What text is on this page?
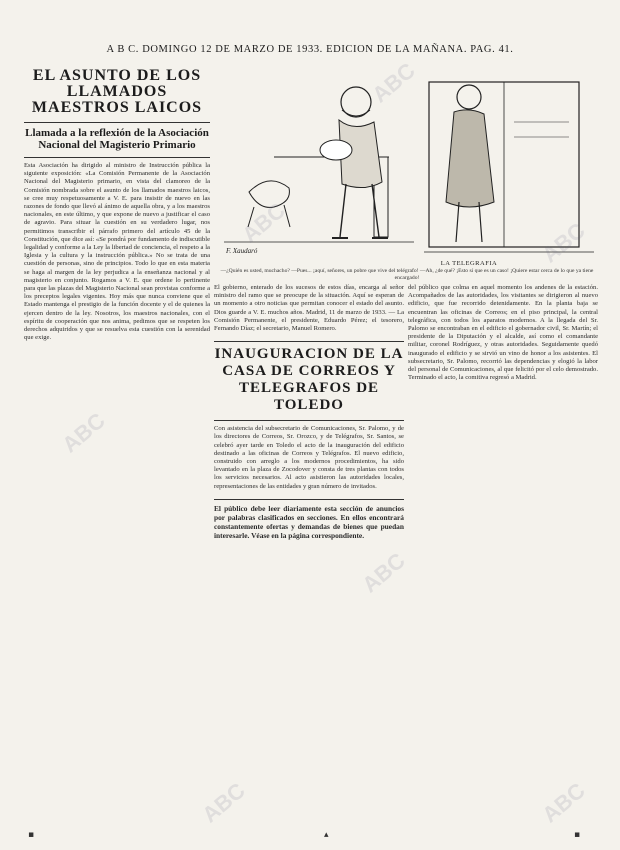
A B C. DOMINGO 12 DE MARZO DE 1933. EDICION DE LA MAÑANA. PAG. 41.
EL ASUNTO DE LOS LLAMADOS MAESTROS LAICOS
Llamada a la reflexión de la Asociación Nacional del Magisterio Primario

Esta Asociación ha dirigido al ministro de Instrucción pública la siguiente exposición: «La Comisión Permanente de la Asociación Nacional del Magisterio primario, en vista del clamoreo de la Comisión nombrada sobre el asunto de los llamados maestros laicos, se cree muy respetuosamente a V. E. para insistir de nuevo en las razones de fondo que llevó al ánimo de aquella obra, y a los maestros nacionales, en este último, y que expone de nuevo a justificar el caso de agravio. Para situar la cuestión en su verdadero lugar, nos permitimos transcribir el párrafo primero del artículo 45 de la Constitución, que dice así: «Se pondrá por fundamento de indiscutible legalidad y conforme a la Ley la libertad de conciencia, el respeto a la Iglesia y la cultura y la instrucción pública.» No se trata de una cuestión de personas, sino de principios. Todo lo que en esta materia se haga al margen de la ley perjudica a la enseñanza nacional y al magisterio en conjunto. Rogamos a V. E. que ordene lo pertinente para que las plazas del Magisterio Nacional sean provistas conforme a los preceptos legales vigentes. Hoy más que nunca conviene que el Estado mantenga el prestigio de la función docente y el de quienes la ejercen dentro de la ley. Nosotros, los maestros nacionales, con el espíritu de cooperación que nos anima, pedimos que se respeten los derechos adquiridos y que se resuelva esta cuestión con la serenidad que exige.

F. Xaudaró
LA TELEGRAFIA
—¿Quién es usted, muchacho? —Pues... ¡aquí, señores, un pobre que vive del telégrafo! —Ah, ¿de qué? ¡Esto sí que es un caso! ¡Quiere estar cerca de lo que ya tiene encargado!

El gobierno, enterado de los sucesos de estos días, encarga al señor ministro del ramo que se preocupe de la situación. Aquí se esperan de un momento a otro noticias que permitan conocer el estado del asunto. Dios guarde a V. E. muchos años. Madrid, 11 de marzo de 1933. — La Comisión Permanente, el presidente, Eduardo Pérez; el tesorero, Fernando Díaz; el secretario, Manuel Romero.

INAUGURACION DE LA CASA DE CORREOS Y TELEGRAFOS DE TOLEDO

Con asistencia del subsecretario de Comunicaciones, Sr. Palomo, y de los directores de Correos, Sr. Orozco, y de Telégrafos, Sr. Santos, se celebró ayer tarde en Toledo el acto de la inauguración del edificio destinado a las oficinas de Correos y Telégrafos. El nuevo edificio, construido con arreglo a los modernos procedimientos, ha sido levantado en la plaza de Zocodover y consta de tres plantas con todos los servicios necesarios. Al acto asistieron las autoridades locales, representaciones de las entidades y gran número de invitados.

El público debe leer diariamente esta sección de anuncios por palabras clasificados en secciones. En ellos encontrará constantemente ofertas y demandas de bienes que puedan interesarle. Véase en la página correspondiente.

del público que colma en aquel momento los andenes de la estación. Acompañados de las autoridades, los visitantes se dirigieron al nuevo edificio, que fue recorrido detenidamente. En la planta baja se encuentran las oficinas de Correos; en el piso principal, la central telegráfica, con todos los aparatos modernos. A la llegada del Sr. Palomo se encontraban en el edificio el gobernador civil, Sr. Martín; el presidente de la Diputación y el alcalde, así como el comandante militar, coronel Rodríguez, y otras autoridades. Seguidamente quedó inaugurado el edificio y se sirvió un vino de honor a los asistentes. El subsecretario, Sr. Palomo, recorrió las dependencias y elogió la labor del personal de Comunicaciones, al que felicitó por el celo demostrado. Terminado el acto, la comitiva regresó a Madrid.

ABC
ABC
ABC	ABC
▪	▴	▪
